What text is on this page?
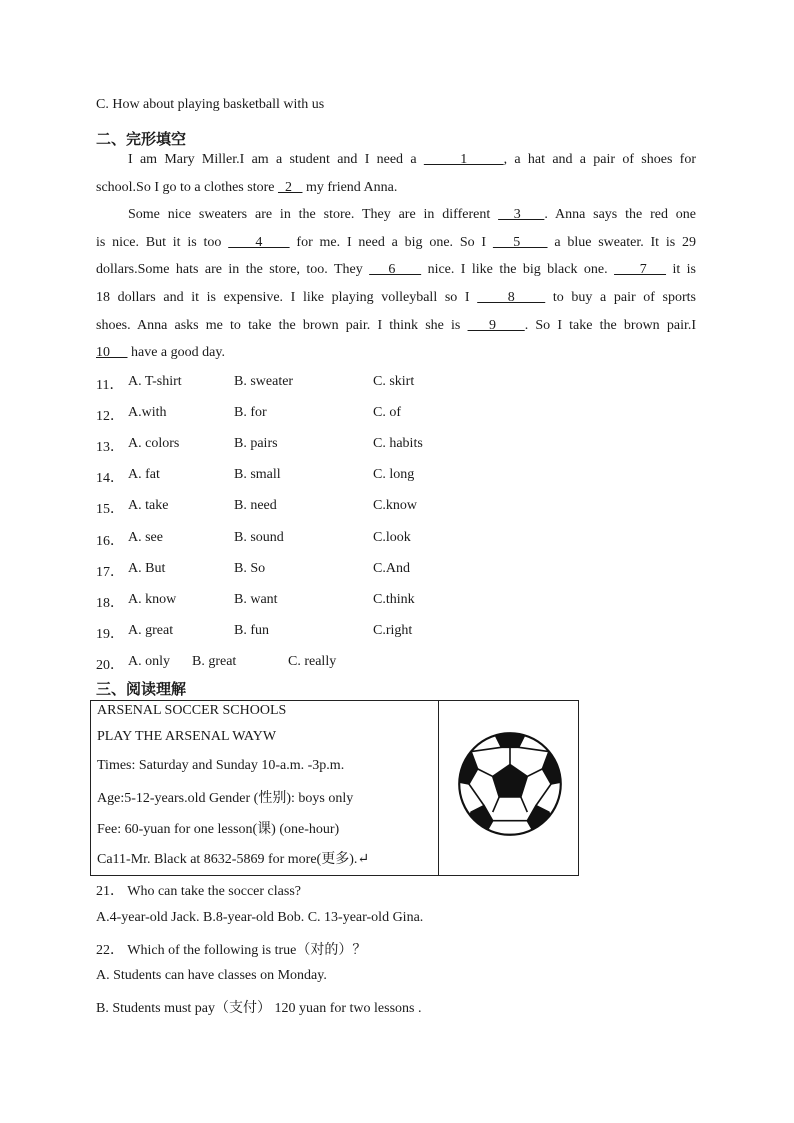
C. How about playing basketball with us
二、完形填空
I am Mary Miller.I am a student and I need a      1     , a hat and a pair of shoes for
school.So I go to a clothes store   2    my friend Anna.
Some nice sweaters are in the store. They are in different   3   . Anna says the red one
is nice. But it is too     4     for me. I need a big one. So I    5     a blue sweater. It is 29
dollars.Some hats are in the store, too. They    6     nice. I like the big black one.     7    it is
18 dollars and it is expensive. I like playing volleyball so I     8     to buy a pair of sports
shoes. Anna asks me to take the brown pair. I think she is    9    . So I take the brown pair.I
10      have a good day.
11． A. T-shirt	B. sweater	C. skirt
12． A.with	B. for	C. of
13． A. colors	B. pairs	C. habits
14． A. fat	B. small	C. long
15． A. take	B. need	C.know
16． A. see	B. sound	C.look
17． A. But	B. So	C.And
18． A. know	B. want	C.think
19． A. great	B. fun	C.right
20． A. only B. great	C. really
三、阅读理解
ARSENAL SOCCER SCHOOLS
PLAY THE ARSENAL WAYW
Times: Saturday and Sunday 10-a.m. -3p.m.
Age:5-12-years.old Gender (性别): boys only
Fee: 60-yuan for one lesson(课) (one-hour)
Ca11-Mr. Black at 8632-5869 for more(更多).↵
21． Who can take the soccer class?
A.4-year-old Jack. B.8-year-old Bob. C. 13-year-old Gina.
22． Which of the following is true（对的）？
A. Students can have classes on Monday.
B. Students must pay（支付） 120 yuan for two lessons .
